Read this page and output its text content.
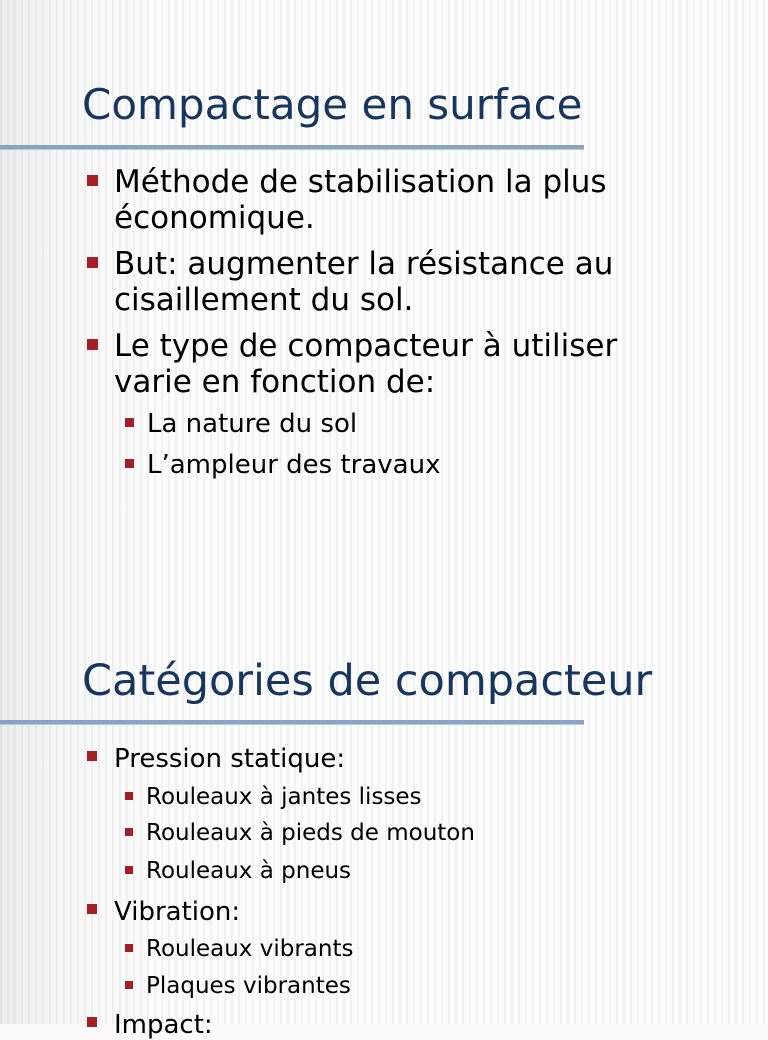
Compactage en surface
Méthode de stabilisation la plus
économique.
But: augmenter la résistance au
cisaillement du sol.
Le type de compacteur à utiliser
varie en fonction de:
La nature du sol
L’ampleur des travaux
Catégories de compacteur
Pression statique:
Rouleaux à jantes lisses
Rouleaux à pieds de mouton
Rouleaux à pneus
Vibration:
Rouleaux vibrants
Plaques vibrantes
Impact:
